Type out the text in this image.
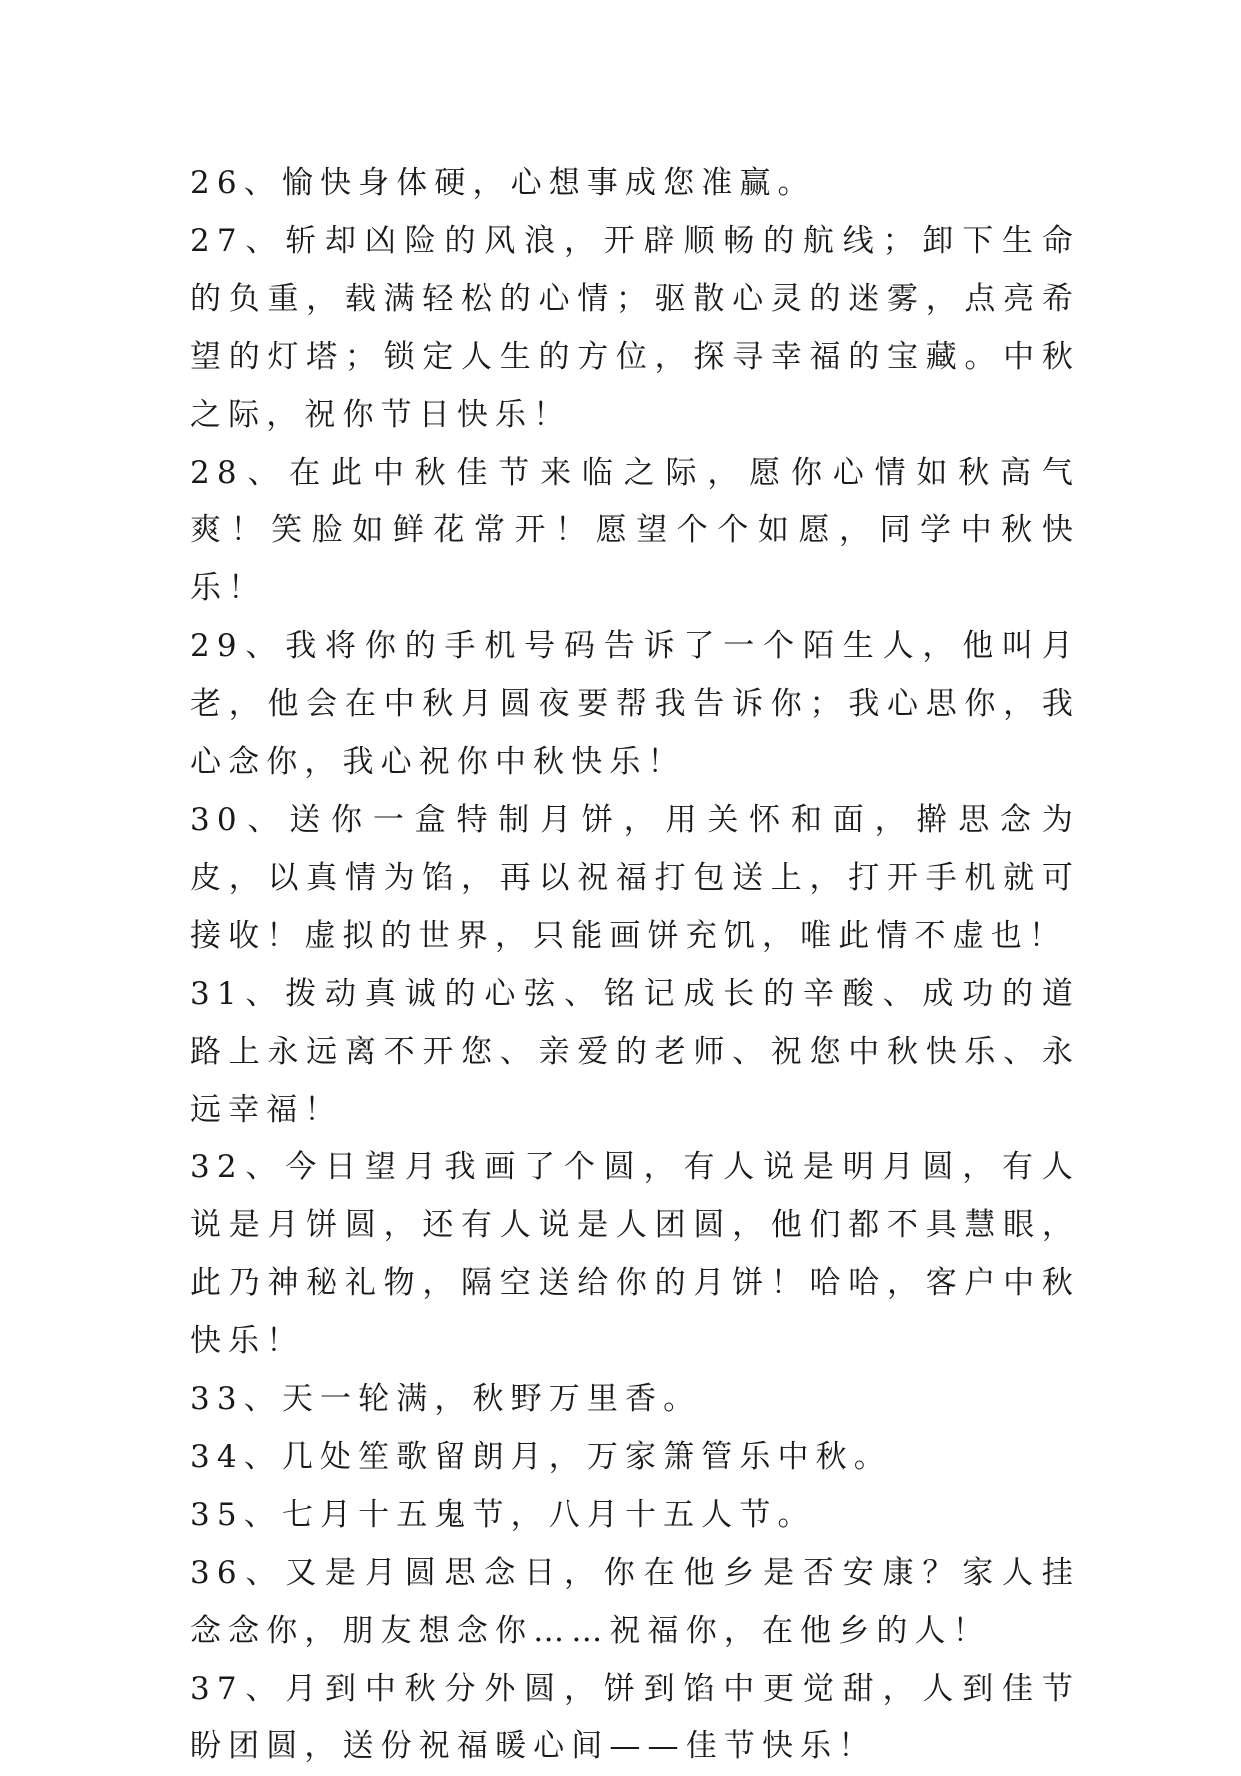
26、愉快身体硬，心想事成您准赢。

27、斩却凶险的风浪，开辟顺畅的航线；卸下生命的负重，载满轻松的心情；驱散心灵的迷雾，点亮希望的灯塔；锁定人生的方位，探寻幸福的宝藏。中秋之际，祝你节日快乐！

28、在此中秋佳节来临之际，愿你心情如秋高气爽！笑脸如鲜花常开！愿望个个如愿，同学中秋快乐！

29、我将你的手机号码告诉了一个陌生人，他叫月老，他会在中秋月圆夜要帮我告诉你；我心思你，我心念你，我心祝你中秋快乐！

30、送你一盒特制月饼，用关怀和面，擀思念为皮，以真情为馅，再以祝福打包送上，打开手机就可接收！虚拟的世界，只能画饼充饥，唯此情不虚也！

31、拨动真诚的心弦、铭记成长的辛酸、成功的道路上永远离不开您、亲爱的老师、祝您中秋快乐、永远幸福！

32、今日望月我画了个圆，有人说是明月圆，有人说是月饼圆，还有人说是人团圆，他们都不具慧眼，此乃神秘礼物，隔空送给你的月饼！哈哈，客户中秋快乐！

33、天一轮满，秋野万里香。

34、几处笙歌留朗月，万家箫管乐中秋。

35、七月十五鬼节，八月十五人节。

36、又是月圆思念日，你在他乡是否安康？家人挂念念你，朋友想念你……祝福你，在他乡的人！

37、月到中秋分外圆，饼到馅中更觉甜，人到佳节盼团圆，送份祝福暖心间——佳节快乐！
